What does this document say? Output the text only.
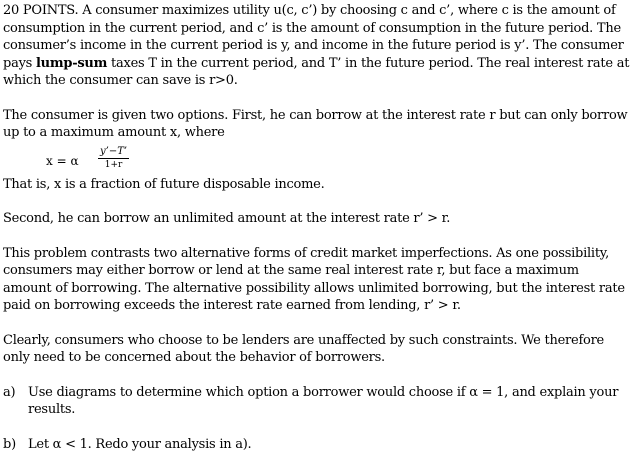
20 POINTS. A consumer maximizes utility u(c, c’) by choosing c and c’, where c is the amount of consumption in the current period, and c’ is the amount of consumption in the future period. The consumer’s income in the current period is y, and income in the future period is y’. The consumer pays lump-sum taxes T in the current period, and T’ in the future period. The real interest rate at which the consumer can save is r>0.

The consumer is given two options. First, he can borrow at the interest rate r but can only borrow up to a maximum amount x, where

x = α $\frac{y’-T’}{1+r}$

That is, x is a fraction of future disposable income.

Second, he can borrow an unlimited amount at the interest rate r’ > r.

This problem contrasts two alternative forms of credit market imperfections. As one possibility, consumers may either borrow or lend at the same real interest rate r, but face a maximum amount of borrowing. The alternative possibility allows unlimited borrowing, but the interest rate paid on borrowing exceeds the interest rate earned from lending, r’ > r.

Clearly, consumers who choose to be lenders are unaffected by such constraints. We therefore only need to be concerned about the behavior of borrowers.

a) Use diagrams to determine which option a borrower would choose if α = 1, and explain your results.

b) Let α < 1. Redo your analysis in a).
